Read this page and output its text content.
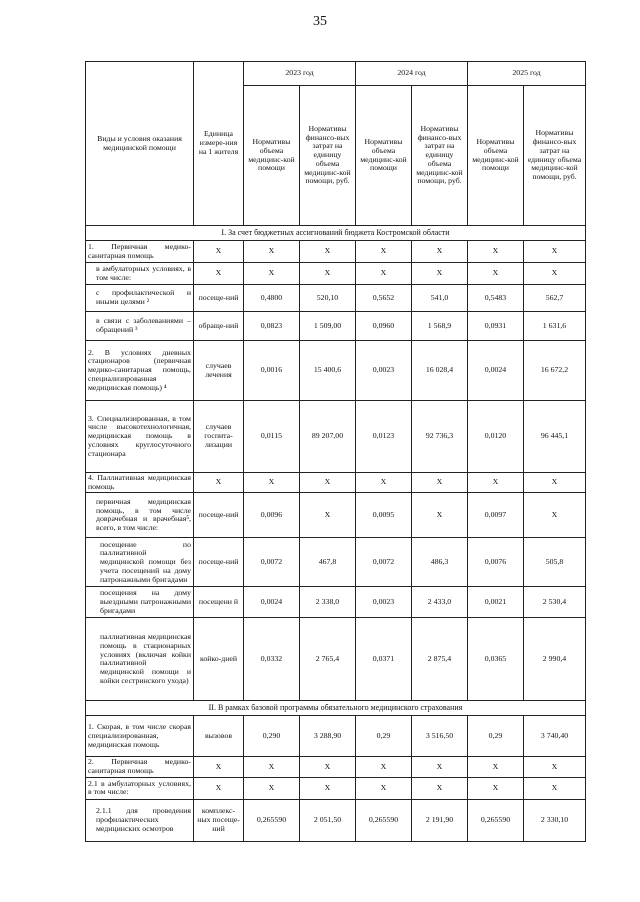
35
Виды и условия оказания медицинской помощи	Единица измере-ния на 1 жителя	2023 год		2024 год		2025 год	
		Нормативы объема медицинс-кой помощи	Нормативы финансо-вых затрат на единицу объема медицинс-кой помощи, руб.	Нормативы объема медицинс-кой помощи	Нормативы финансо-вых затрат на единицу объема медицинс-кой помощи, руб.	Нормативы объема медицинс-кой помощи	Нормативы финансо-вых затрат на единицу объема медицинс-кой помощи, руб.
I. За счет бюджетных ассигнований бюджета Костромской области							
1. Первичная медико-санитарная помощь	Х	Х	Х	Х	Х	Х	Х
в амбулаторных условиях, в том числе:	Х	Х	Х	Х	Х	Х	Х
с профилактической и иными целями ²	посеще-ний	0,4800	520,10	0,5652	541,0	0,5483	562,7
в связи с заболеваниями – обращений ³	обраще-ний	0,0823	1 509,00	0,0960	1 568,9	0,0931	1 631,6
2. В условиях дневных стационаров (первичная медико-санитарная помощь, специализированная медицинская помощь) ⁴	случаев лечения	0,0016	15 400,6	0,0023	16 028,4	0,0024	16 672,2
3. Специализированная, в том числе высокотехнологичная, медицинская помощь в условиях круглосуточного стационара	случаев госпита-лизации	0,0115	89 207,00	0,0123	92 736,3	0,0120	96 445,1
4. Паллиативная медицинская помощь	Х	Х	Х	Х	Х	Х	Х
первичная медицинская помощь, в том числе доврачебная и врачебная⁵, всего, в том числе:	посеще-ний	0,0096	Х	0,0095	Х	0,0097	Х
посещение по паллиативной медицинской помощи без учета посещений на дому патронажными бригадами	посеще-ний	0,0072	467,8	0,0072	486,3	0,0076	505,8
посещения на дому выездными патронажными бригадами	посещени й	0,0024	2 338,0	0,0023	2 433,0	0,0021	2 530,4
паллиативная медицинская помощь в стационарных условиях (включая койки паллиативной медицинской помощи и койки сестринского ухода)	койко-дней	0,0332	2 765,4	0,0371	2 875,4	0,0365	2 990,4
II. В рамках базовой программы обязательного медицинского страхования							
1. Скорая, в том числе скорая специализированная, медицинская помощь	вызовов	0,290	3 288,90	0,29	3 516,50	0,29	3 740,40
2. Первичная медико-санитарная помощь	Х	Х	Х	Х	Х	Х	Х
2.1 в амбулаторных условиях, в том числе:	Х	Х	Х	Х	Х	Х	Х
2.1.1 для проведения профилактических медицинских осмотров	комплекс-ных посеще-ний	0,265590	2 051,50	0,265590	2 191,90	0,265590	2 330,10
